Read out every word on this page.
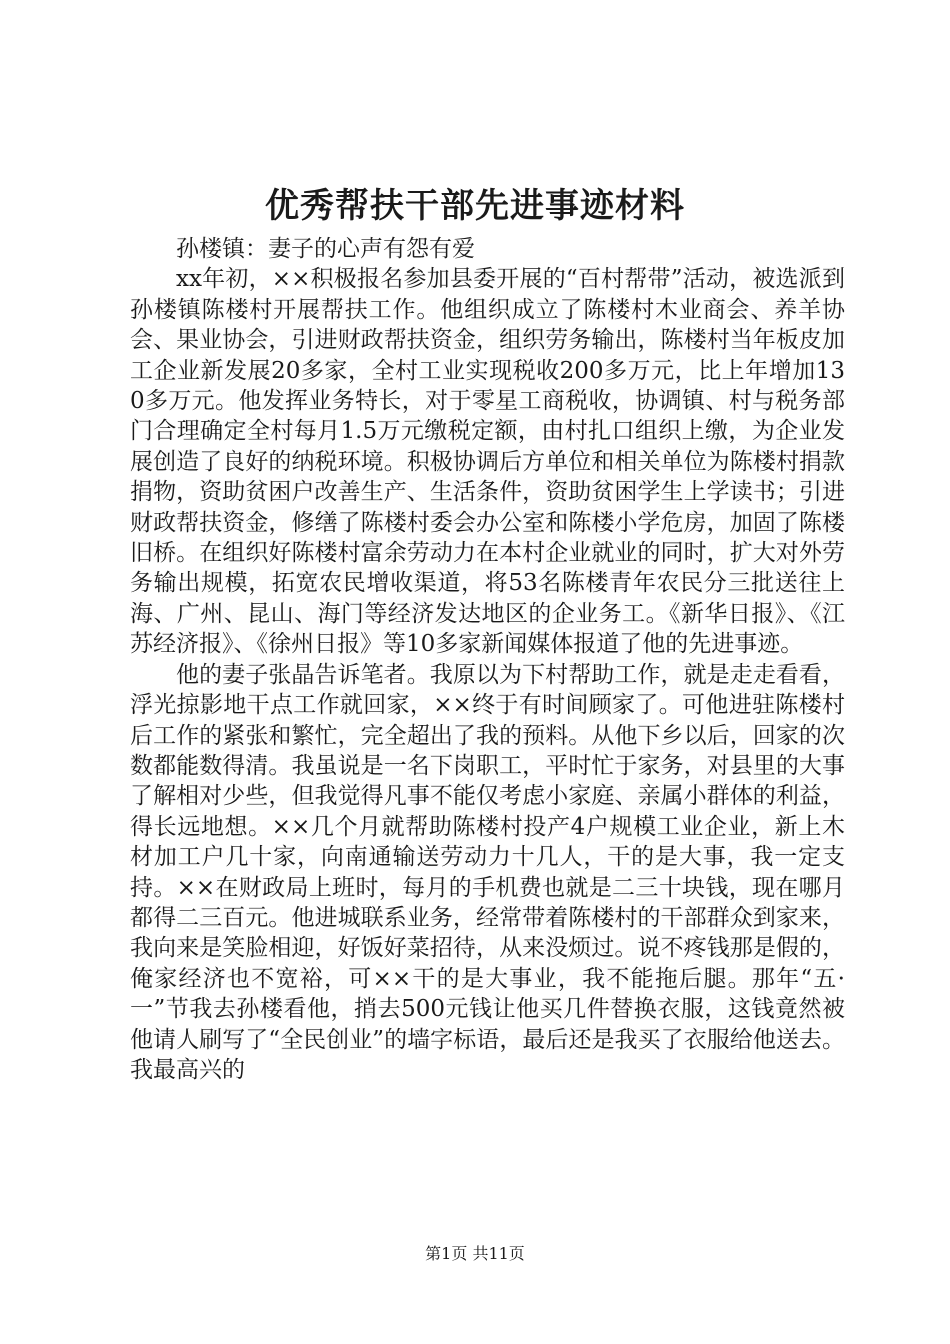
优秀帮扶干部先进事迹材料

孙楼镇：妻子的心声有怨有爱

xx年初，××积极报名参加县委开展的“百村帮带”活动，被选派到孙楼镇陈楼村开展帮扶工作。他组织成立了陈楼村木业商会、养羊协会、果业协会，引进财政帮扶资金，组织劳务输出，陈楼村当年板皮加工企业新发展20多家，全村工业实现税收200多万元，比上年增加130多万元。他发挥业务特长，对于零星工商税收，协调镇、村与税务部门合理确定全村每月1.5万元缴税定额，由村扎口组织上缴，为企业发展创造了良好的纳税环境。积极协调后方单位和相关单位为陈楼村捐款捐物，资助贫困户改善生产、生活条件，资助贫困学生上学读书；引进财政帮扶资金，修缮了陈楼村委会办公室和陈楼小学危房，加固了陈楼旧桥。在组织好陈楼村富余劳动力在本村企业就业的同时，扩大对外劳务输出规模，拓宽农民增收渠道，将53名陈楼青年农民分三批送往上海、广州、昆山、海门等经济发达地区的企业务工。《新华日报》、《江苏经济报》、《徐州日报》等10多家新闻媒体报道了他的先进事迹。

他的妻子张晶告诉笔者。我原以为下村帮助工作，就是走走看看，浮光掠影地干点工作就回家，××终于有时间顾家了。可他进驻陈楼村后工作的紧张和繁忙，完全超出了我的预料。从他下乡以后，回家的次数都能数得清。我虽说是一名下岗职工，平时忙于家务，对县里的大事了解相对少些，但我觉得凡事不能仅考虑小家庭、亲属小群体的利益，得长远地想。××几个月就帮助陈楼村投产4户规模工业企业，新上木材加工户几十家，向南通输送劳动力十几人，干的是大事，我一定支持。××在财政局上班时，每月的手机费也就是二三十块钱，现在哪月都得二三百元。他进城联系业务，经常带着陈楼村的干部群众到家来，我向来是笑脸相迎，好饭好菜招待，从来没烦过。说不疼钱那是假的，俺家经济也不宽裕，可××干的是大事业，我不能拖后腿。那年“五·一”节我去孙楼看他，捎去500元钱让他买几件替换衣服，这钱竟然被他请人刷写了“全民创业”的墙字标语，最后还是我买了衣服给他送去。我最高兴的

第1页 共11页
